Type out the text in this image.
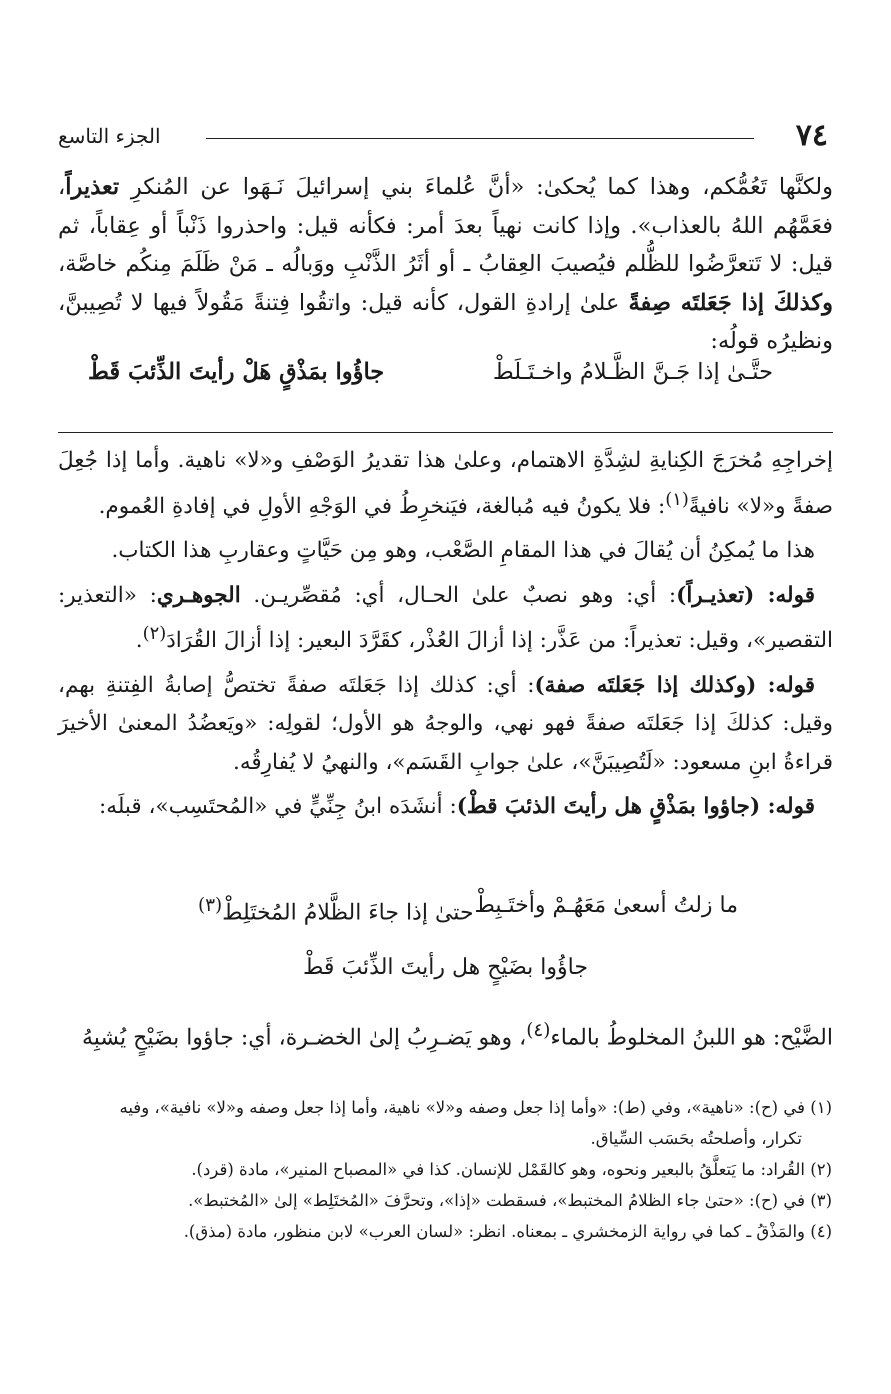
٧٤
الجزء التاسع

ولكنَّها تَعُمُّكم، وهذا كما يُحكىٰ: «أنَّ عُلماءَ بني إسرائيلَ نَـهَوا عن المُنكرِ تعذيراً، فعَمَّهُم اللهُ بالعذاب». وإذا كانت نهياً بعدَ أمر: فكأنه قيل: واحذروا ذَنْباً أو عِقاباً، ثم قيل: لا تَتعرَّضُوا للظُّلم فيُصيبَ العِقابُ ـ أو أثَرُ الذَّنْبِ ووَبالُه ـ مَنْ ظَلَمَ مِنكُم خاصَّة، وكذلكَ إذا جَعَلتَه صِفةً علىٰ إرادةِ القول، كأنه قيل: واتقُوا فِتنةً مَقُولاً فيها لا تُصِيبنَّ، ونظيرُه قولُه:

حتَّـىٰ إذا جَـنَّ الظَّـلامُ واخـتَـلَطْ
جاؤُوا بمَذْقٍ هَلْ رأيتَ الذِّئبَ قَطْ

إخراجِهِ مُخرَجَ الكِنايةِ لشِدَّةِ الاهتمام، وعلىٰ هذا تقديرُ الوَصْفِ و«لا» ناهية. وأما إذا جُعِلَ صفةً و«لا» نافيةً$^{(١)}$: فلا يكونُ فيه مُبالغة، فيَنخرِطُ في الوَجْهِ الأولِ في إفادةِ العُموم.

هذا ما يُمكِنُ أن يُقالَ في هذا المقامِ الصَّعْب، وهو مِن حَيَّاتٍ وعقاربِ هذا الكتاب.

قوله: (تعذيـراً): أي: وهو نصبٌ علىٰ الحـال، أي: مُقصِّريـن. الجوهـري: «التعذير: التقصير»، وقيل: تعذيراً: من عَذَّر: إذا أزالَ العُذْر، كقَرَّدَ البعير: إذا أزالَ القُرَادَ$^{(٢)}$.

قوله: (وكذلك إذا جَعَلتَه صفة): أي: كذلك إذا جَعَلتَه صفةً تختصُّ إصابةُ الفِتنةِ بهم، وقيل: كذلكَ إذا جَعَلتَه صفةً فهو نهي، والوجهُ هو الأول؛ لقولِه: «ويَعضُدُ المعنىٰ الأخيرَ قراءةُ ابنِ مسعود: «لَتُصِيبَنَّ»، علىٰ جوابِ القَسَم»، والنهيُ لا يُفارِقُه.

قوله: (جاؤوا بمَذْقٍ هل رأيتَ الذئبَ قطْ): أنشَدَه ابنُ جِنِّيٍّ في «المُحتَسِب»، قبلَه:

ما زلتُ أسعىٰ مَعَهُـمْ وأختَـبِطْ
حتىٰ إذا جاءَ الظَّلامُ المُختَلِطْ$^{(٣)}$
جاؤُوا بضَيْحٍ هل رأيتَ الذِّئبَ قَطْ
الضَّيْح: هو اللبنُ المخلوطُ بالماء$^{(٤)}$، وهو يَضـرِبُ إلىٰ الخضـرة، أي: جاؤوا بضَيْحٍ يُشبِهُ

(١) في (ح): «ناهية»، وفي (ط): «وأما إذا جعل وصفه و«لا» ناهية، وأما إذا جعل وصفه و«لا» نافية»، وفيه

تكرار، وأصلحتُه بحَسَب السِّياق.

(٢) القُراد: ما يَتعلَّقُ بالبعير ونحوه، وهو كالقَمْل للإنسان. كذا في «المصباح المنير»، مادة (قرد).

(٣) في (ح): «حتىٰ جاء الظلامُ المختبط»، فسقطت «إذا»، وتحرَّفَ «المُختَلِط» إلىٰ «المُختبط».

(٤) والمَذْقُ ـ كما في رواية الزمخشري ـ بمعناه. انظر: «لسان العرب» لابن منظور، مادة (مذق).
